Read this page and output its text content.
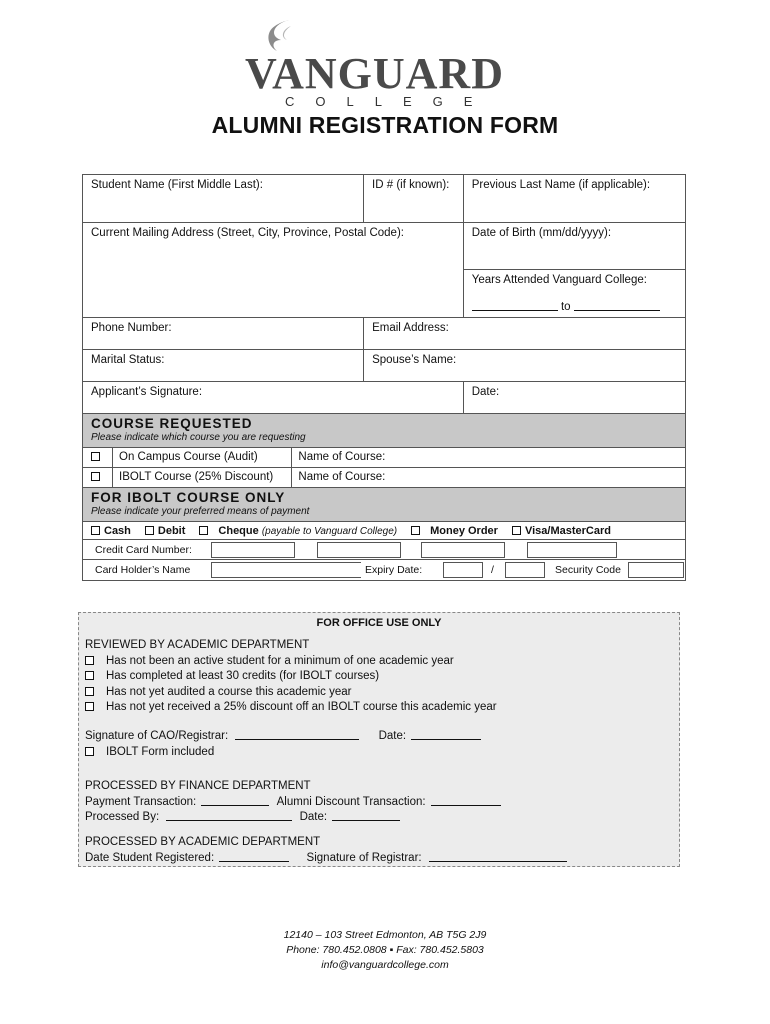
VANGUARD
COLLEGE
ALUMNI REGISTRATION FORM
Student Name (First Middle Last):	ID # (if known):	Previous Last Name (if applicable):
Current Mailing Address (Street, City, Province, Postal Code):	Date of Birth (mm/dd/yyyy):
Years Attended Vanguard College:
to
Phone Number:	Email Address:
Marital Status:	Spouse’s Name:
Applicant’s Signature:	Date:
COURSE REQUESTED
Please indicate which course you are requesting
On Campus Course (Audit)	Name of Course:
IBOLT Course (25% Discount)	Name of Course:
FOR IBOLT COURSE ONLY
Please indicate your preferred means of payment
Cash	Debit	Cheque (payable to Vanguard College)	Money Order	Visa/MasterCard
Credit Card Number:
Card Holder’s Name	Expiry Date:	/	Security Code
FOR OFFICE USE ONLY
REVIEWED BY ACADEMIC DEPARTMENT
Has not been an active student for a minimum of one academic year
Has completed at least 30 credits (for IBOLT courses)
Has not yet audited a course this academic year
Has not yet received a 25% discount off an IBOLT course this academic year
Signature of CAO/Registrar:	Date:
IBOLT Form included
PROCESSED BY FINANCE DEPARTMENT
Payment Transaction:	Alumni Discount Transaction:
Processed By:	Date:
PROCESSED BY ACADEMIC DEPARTMENT
Date Student Registered:	Signature of Registrar:
12140 – 103 Street Edmonton, AB T5G 2J9
Phone: 780.452.0808 ▪ Fax: 780.452.5803
info@vanguardcollege.com
